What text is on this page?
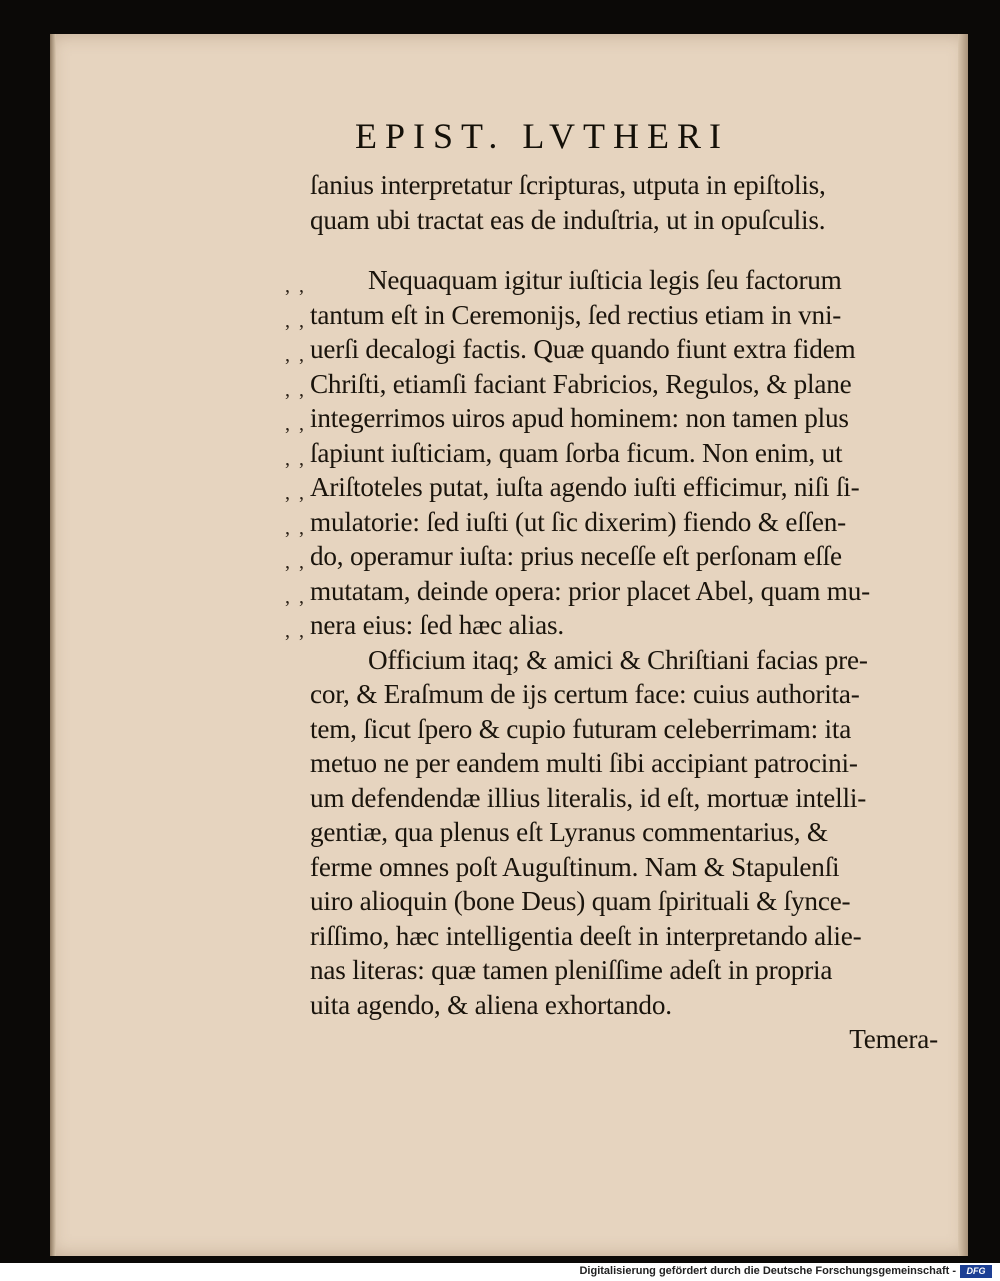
EPIST. LVTHERI
ſanius interpretatur ſcripturas, utputa in epiſtolis,
quam ubi tractat eas de induſtria, ut in opuſculis.
, , Nequaquam igitur iuſticia legis ſeu factorum
, , tantum eſt in Ceremonijs, ſed rectius etiam in vni-
, , uerſi decalogi factis. Quæ quando fiunt extra fidem
, , Chriſti, etiamſi faciant Fabricios, Regulos, & plane
, , integerrimos uiros apud hominem: non tamen plus
, , ſapiunt iuſticiam, quam ſorba ficum. Non enim, ut
, , Ariſtoteles putat, iuſta agendo iuſti efficimur, niſi ſi-
, , mulatorie: ſed iuſti (ut ſic dixerim) fiendo & eſſen-
, , do, operamur iuſta: prius neceſſe eſt perſonam eſſe
, , mutatam, deinde opera: prior placet Abel, quam mu-
, , nera eius: ſed hæc alias.
Officium itaq; & amici & Chriſtiani facias pre-
cor, & Eraſmum de ijs certum face: cuius authorita-
tem, ſicut ſpero & cupio futuram celeberrimam: ita
metuo ne per eandem multi ſibi accipiant patrocini-
um defendendæ illius literalis, id eſt, mortuæ intelli-
gentiæ, qua plenus eſt Lyranus commentarius, &
ferme omnes poſt Auguſtinum. Nam & Stapulenſi
uiro alioquin (bone Deus) quam ſpirituali & ſynce-
riſſimo, hæc intelligentia deeſt in interpretando alie-
nas literas: quæ tamen pleniſſime adeſt in propria
uita agendo, & aliena exhortando.
Temera-
Digitalisierung gefördert durch die Deutsche Forschungsgemeinschaft -	DFG
